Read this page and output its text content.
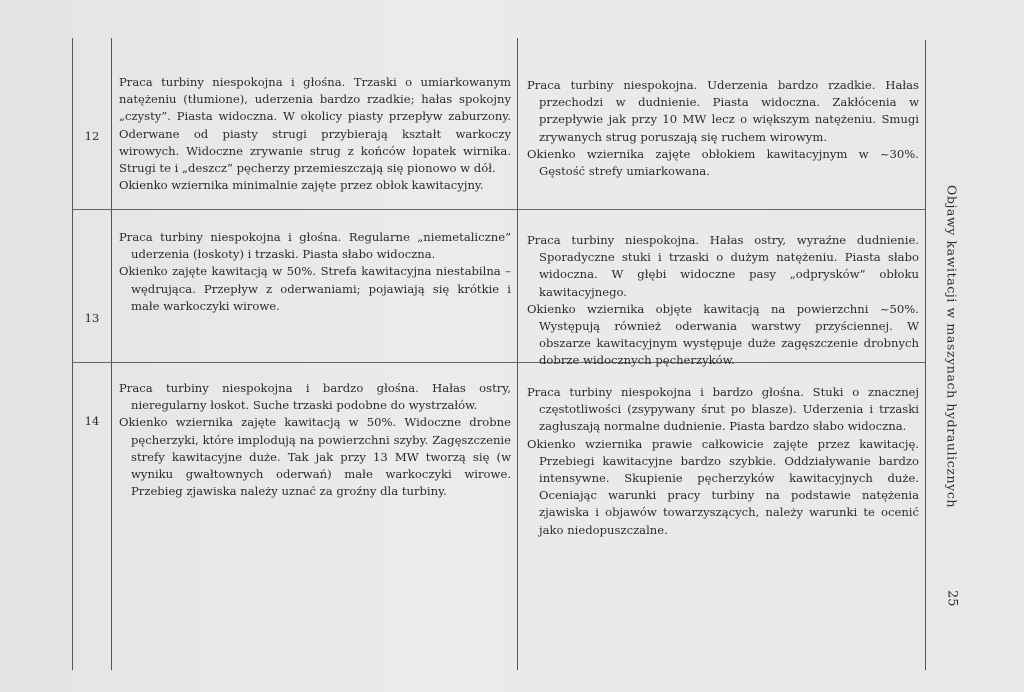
12

Praca turbiny niespokojna i głośna. Trzaski o umiarkowanym natężeniu (tłumione), uderzenia bardzo rzadkie; hałas spokojny „czysty”. Piasta widoczna. W okolicy piasty przepływ zaburzony. Oderwane od piasty strugi przybierają kształt warkoczy wirowych. Widoczne zrywanie strug z końców łopatek wirnika. Strugi te i „deszcz” pęcherzy przemieszczają się pionowo w dół.

Okienko wziernika minimalnie zajęte przez obłok kawitacyjny.

Praca turbiny niespokojna. Uderzenia bardzo rzadkie. Hałas przechodzi w dudnienie. Piasta widoczna. Zakłócenia w przepływie jak przy 10 MW lecz o większym natężeniu. Smugi zrywanych strug poruszają się ruchem wirowym.

Okienko wziernika zajęte obłokiem kawitacyjnym w ~30%. Gęstość strefy umiarkowana.

13

Praca turbiny niespokojna i głośna. Regularne „niemetaliczne” uderzenia (łoskoty) i trzaski. Piasta słabo widoczna.

Okienko zajęte kawitacją w 50%. Strefa kawitacyjna niestabilna – wędrująca. Przepływ z oderwaniami; pojawiają się krótkie i małe warkoczyki wirowe.

Praca turbiny niespokojna. Hałas ostry, wyraźne dudnienie. Sporadyczne stuki i trzaski o dużym natężeniu. Piasta słabo widoczna. W głębi widoczne pasy „odprysków” obłoku kawitacyjnego.

Okienko wziernika objęte kawitacją na powierzchni ~50%. Występują również oderwania warstwy przyściennej. W obszarze kawitacyjnym występuje duże zagęszczenie drobnych dobrze widocznych pęcherzyków.

14

Praca turbiny niespokojna i bardzo głośna. Hałas ostry, nieregularny łoskot. Suche trzaski podobne do wystrzałów.

Okienko wziernika zajęte kawitacją w 50%. Widoczne drobne pęcherzyki, które implodują na powierzchni szyby. Zagęszczenie strefy kawitacyjne duże. Tak jak przy 13 MW tworzą się (w wyniku gwałtownych oderwań) małe warkoczyki wirowe. Przebieg zjawiska należy uznać za groźny dla turbiny.

Praca turbiny niespokojna i bardzo głośna. Stuki o znacznej częstotliwości (zsypywany śrut po blasze). Uderzenia i trzaski zagłuszają normalne dudnienie. Piasta bardzo słabo widoczna.

Okienko wziernika prawie całkowicie zajęte przez kawitację. Przebiegi kawitacyjne bardzo szybkie. Oddziaływanie bardzo intensywne. Skupienie pęcherzyków kawitacyjnych duże. Oceniając warunki pracy turbiny na podstawie natężenia zjawiska i objawów towarzyszących, należy warunki te ocenić jako niedopuszczalne.

Objawy kawitacji w maszynach hydraulicznych
25
